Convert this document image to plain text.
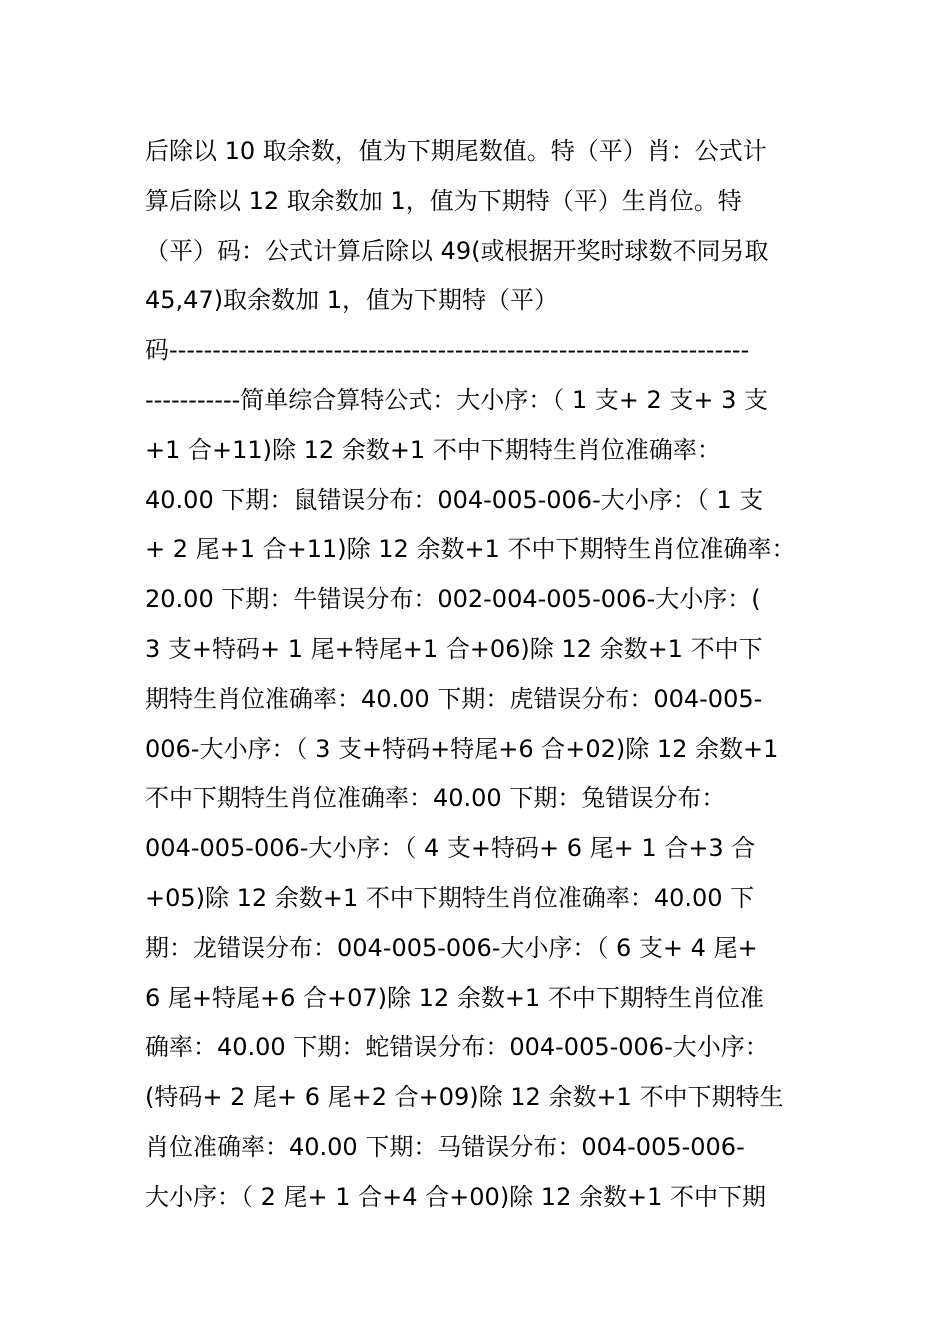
后除以 10 取余数，值为下期尾数值。特（平）肖：公式计
算后除以 12 取余数加 1，值为下期特（平）生肖位。特
（平）码：公式计算后除以 49(或根据开奖时球数不同另取
45,47)取余数加 1，值为下期特（平）
码-------------------------------------------------------------------
-----------简单综合算特公式：大小序：（ 1 支+ 2 支+ 3 支
+1 合+11)除 12 余数+1 不中下期特生肖位准确率：
40.00 下期：鼠错误分布：004-005-006-大小序：（ 1 支
+ 2 尾+1 合+11)除 12 余数+1 不中下期特生肖位准确率：
20.00 下期：牛错误分布：002-004-005-006-大小序：(
3 支+特码+ 1 尾+特尾+1 合+06)除 12 余数+1 不中下
期特生肖位准确率：40.00 下期：虎错误分布：004-005-
006-大小序：（ 3 支+特码+特尾+6 合+02)除 12 余数+1
不中下期特生肖位准确率：40.00 下期：兔错误分布：
004-005-006-大小序：（ 4 支+特码+ 6 尾+ 1 合+3 合
+05)除 12 余数+1 不中下期特生肖位准确率：40.00 下
期：龙错误分布：004-005-006-大小序：（ 6 支+ 4 尾+
6 尾+特尾+6 合+07)除 12 余数+1 不中下期特生肖位准
确率：40.00 下期：蛇错误分布：004-005-006-大小序：
(特码+ 2 尾+ 6 尾+2 合+09)除 12 余数+1 不中下期特生
肖位准确率：40.00 下期：马错误分布：004-005-006-
大小序：（ 2 尾+ 1 合+4 合+00)除 12 余数+1 不中下期
